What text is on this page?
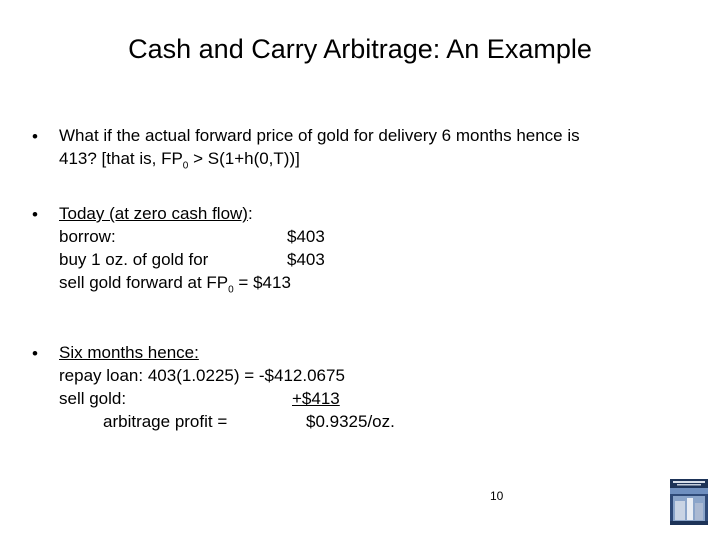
Cash and Carry Arbitrage: An Example
• What if the actual forward price of gold for delivery 6 months hence is
413? [that is, $FP_0 > S(1+h(0,T))$]
• Today (at zero cash flow):
borrow:	$403
buy 1 oz. of gold for	$403
sell gold forward at $FP_0$ = $413
• Six months hence:
repay loan: 403(1.0225) = -$412.0675
sell gold:	+$413
arbitrage profit =	$0.9325/oz.
10
